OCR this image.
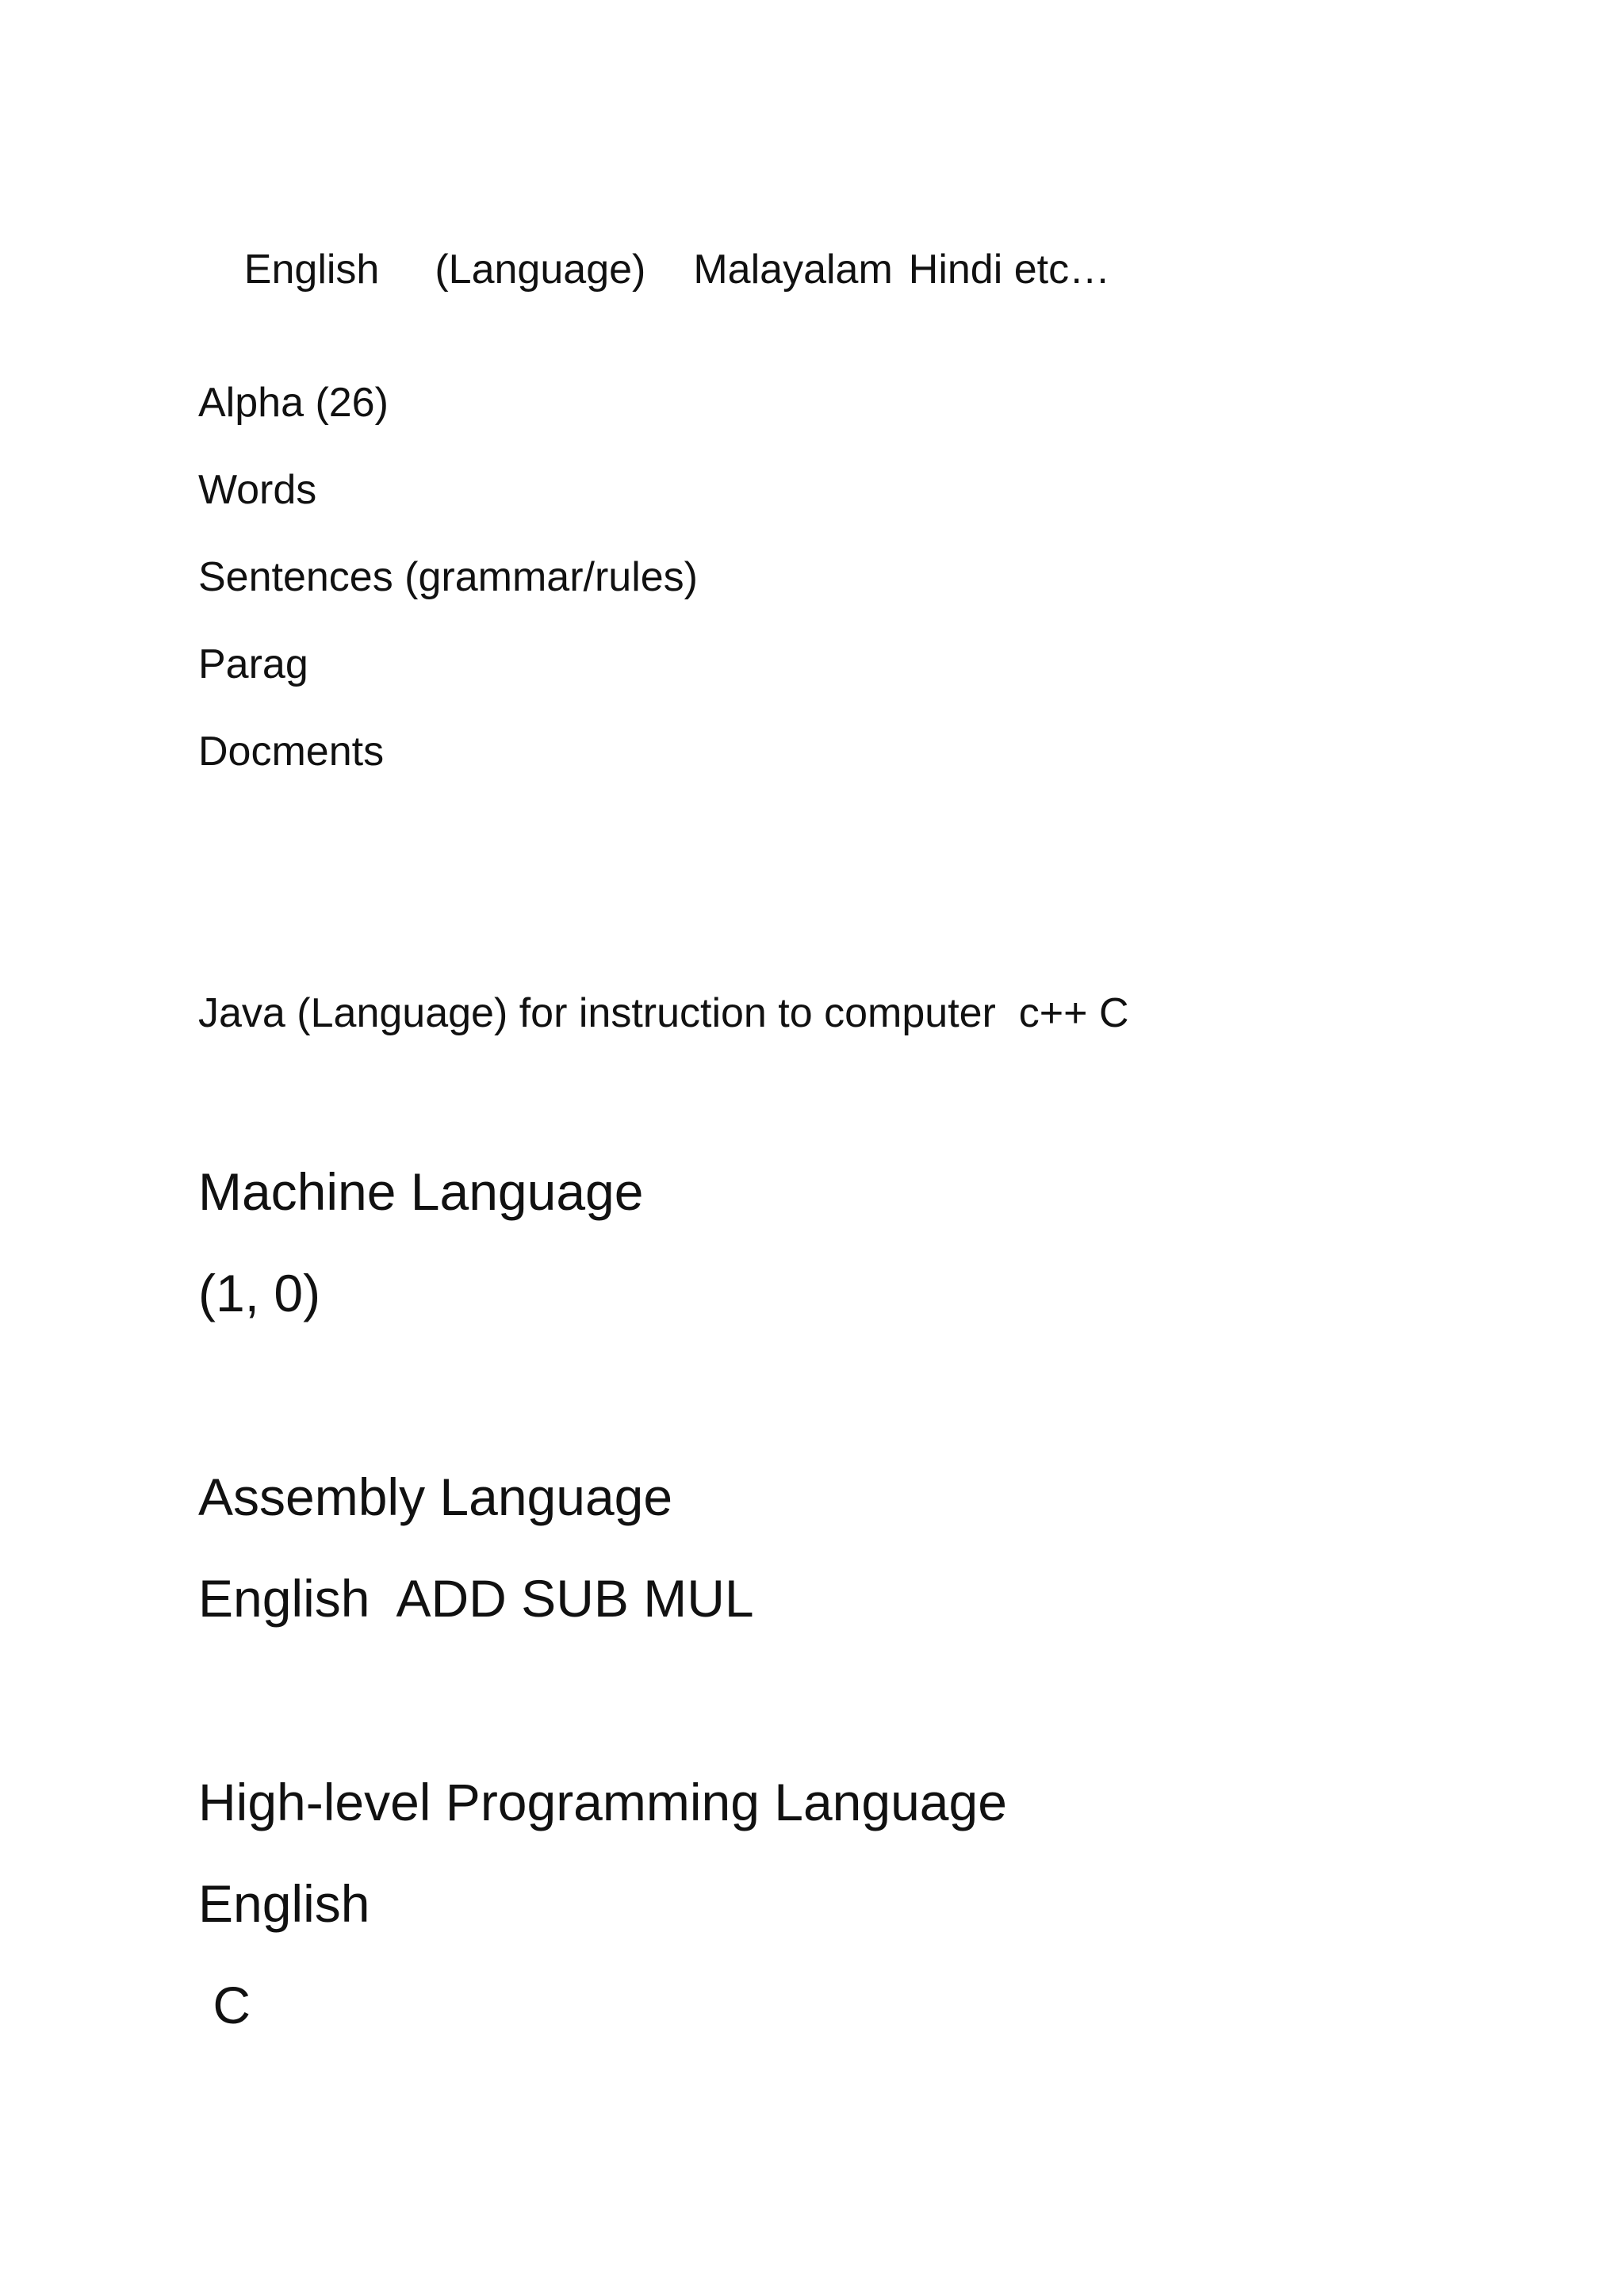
English (Language) Malayalam Hindi etc…

Alpha (26)
Words
Sentences (grammar/rules)
Parag
Docments
Java (Language) for instruction to computer  c++ C
Machine Language
(1, 0)
Assembly Language
English  ADD SUB MUL
High-level Programming Language
English
C
